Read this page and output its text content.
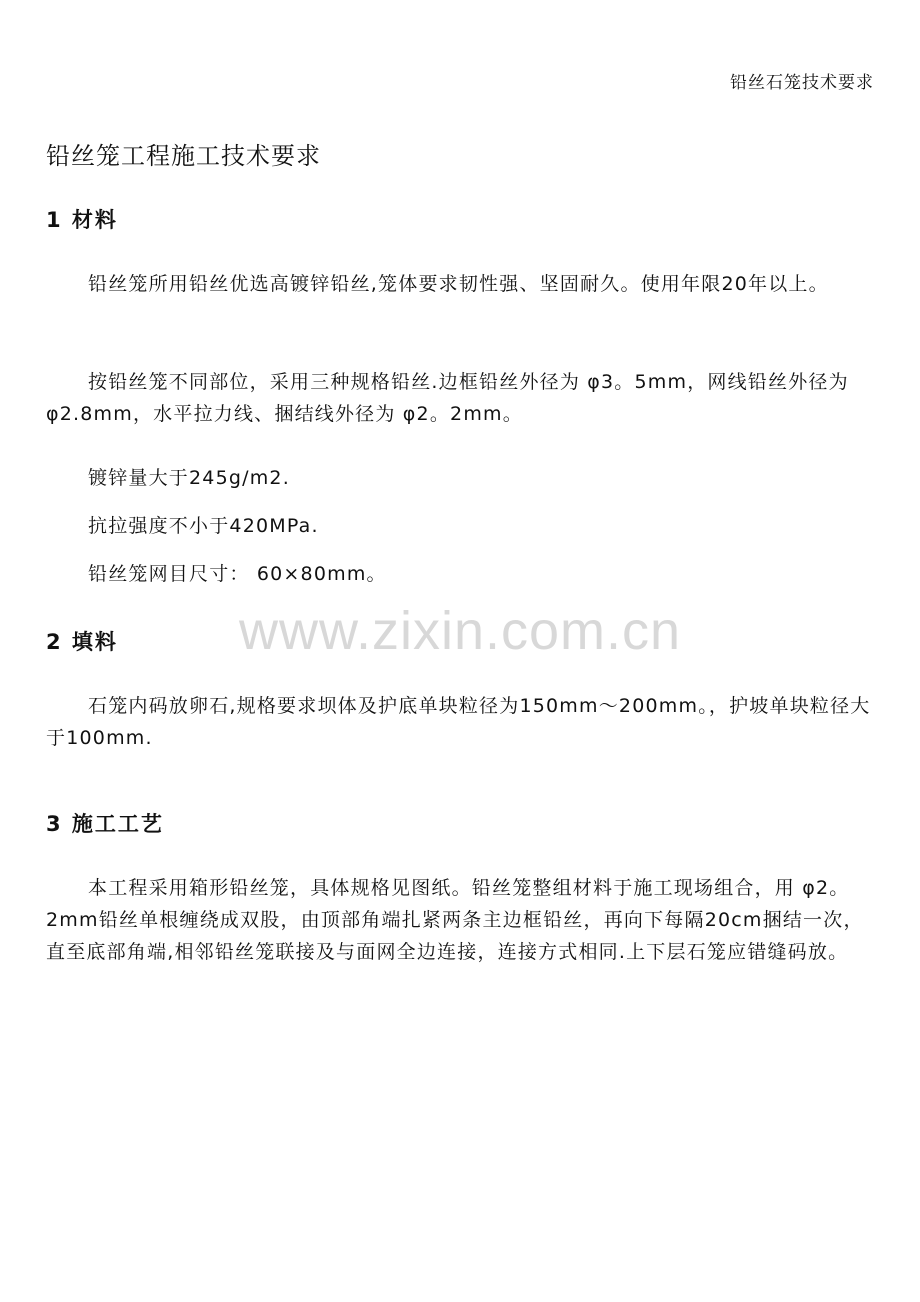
铅丝石笼技术要求
铅丝笼工程施工技术要求
1 材料

铅丝笼所用铅丝优选高镀锌铅丝,笼体要求韧性强、坚固耐久。使用年限20年以上。

按铅丝笼不同部位，采用三种规格铅丝.边框铅丝外径为 φ3。5mm，网线铅丝外径为 φ2.8mm，水平拉力线、捆结线外径为 φ2。2mm。

镀锌量大于245g/m2.

抗拉强度不小于420MPa.

铅丝笼网目尺寸： 60×80mm。

www.zixin.com.cn
2 填料

石笼内码放卵石,规格要求坝体及护底单块粒径为150mm～200mm。，护坡单块粒径大于100mm.

3 施工工艺

本工程采用箱形铅丝笼，具体规格见图纸。铅丝笼整组材料于施工现场组合，用 φ2。2mm铅丝单根缠绕成双股，由顶部角端扎紧两条主边框铅丝，再向下每隔20cm捆结一次，直至底部角端,相邻铅丝笼联接及与面网全边连接，连接方式相同.上下层石笼应错缝码放。
